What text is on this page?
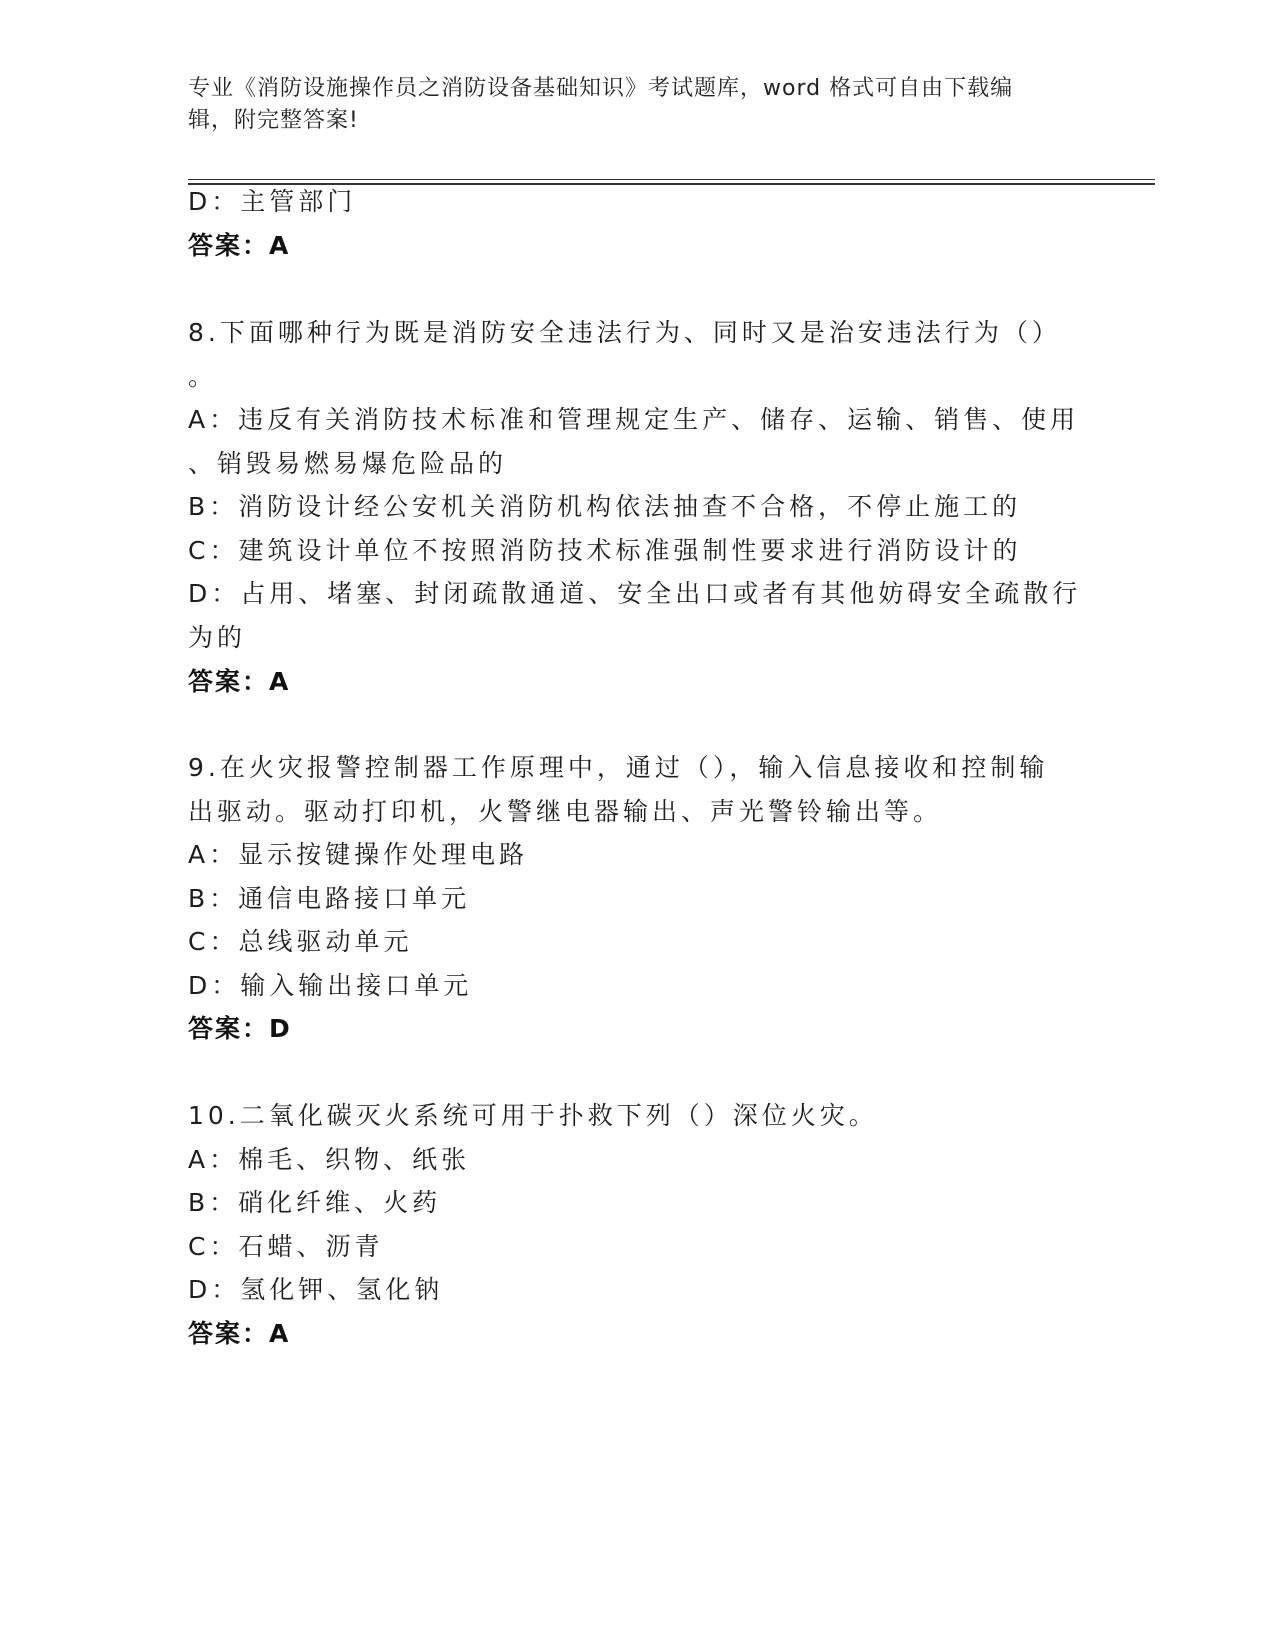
专业《消防设施操作员之消防设备基础知识》考试题库，word 格式可自由下载编
辑，附完整答案!
D：主管部门
答案：A
8.下面哪种行为既是消防安全违法行为、同时又是治安违法行为（）
。
A：违反有关消防技术标准和管理规定生产、储存、运输、销售、使用
、销毁易燃易爆危险品的
B：消防设计经公安机关消防机构依法抽查不合格，不停止施工的
C：建筑设计单位不按照消防技术标准强制性要求进行消防设计的
D：占用、堵塞、封闭疏散通道、安全出口或者有其他妨碍安全疏散行
为的
答案：A
9.在火灾报警控制器工作原理中，通过（），输入信息接收和控制输
出驱动。驱动打印机，火警继电器输出、声光警铃输出等。
A：显示按键操作处理电路
B：通信电路接口单元
C：总线驱动单元
D：输入输出接口单元
答案：D
10.二氧化碳灭火系统可用于扑救下列（）深位火灾。
A：棉毛、织物、纸张
B：硝化纤维、火药
C：石蜡、沥青
D：氢化钾、氢化钠
答案：A
